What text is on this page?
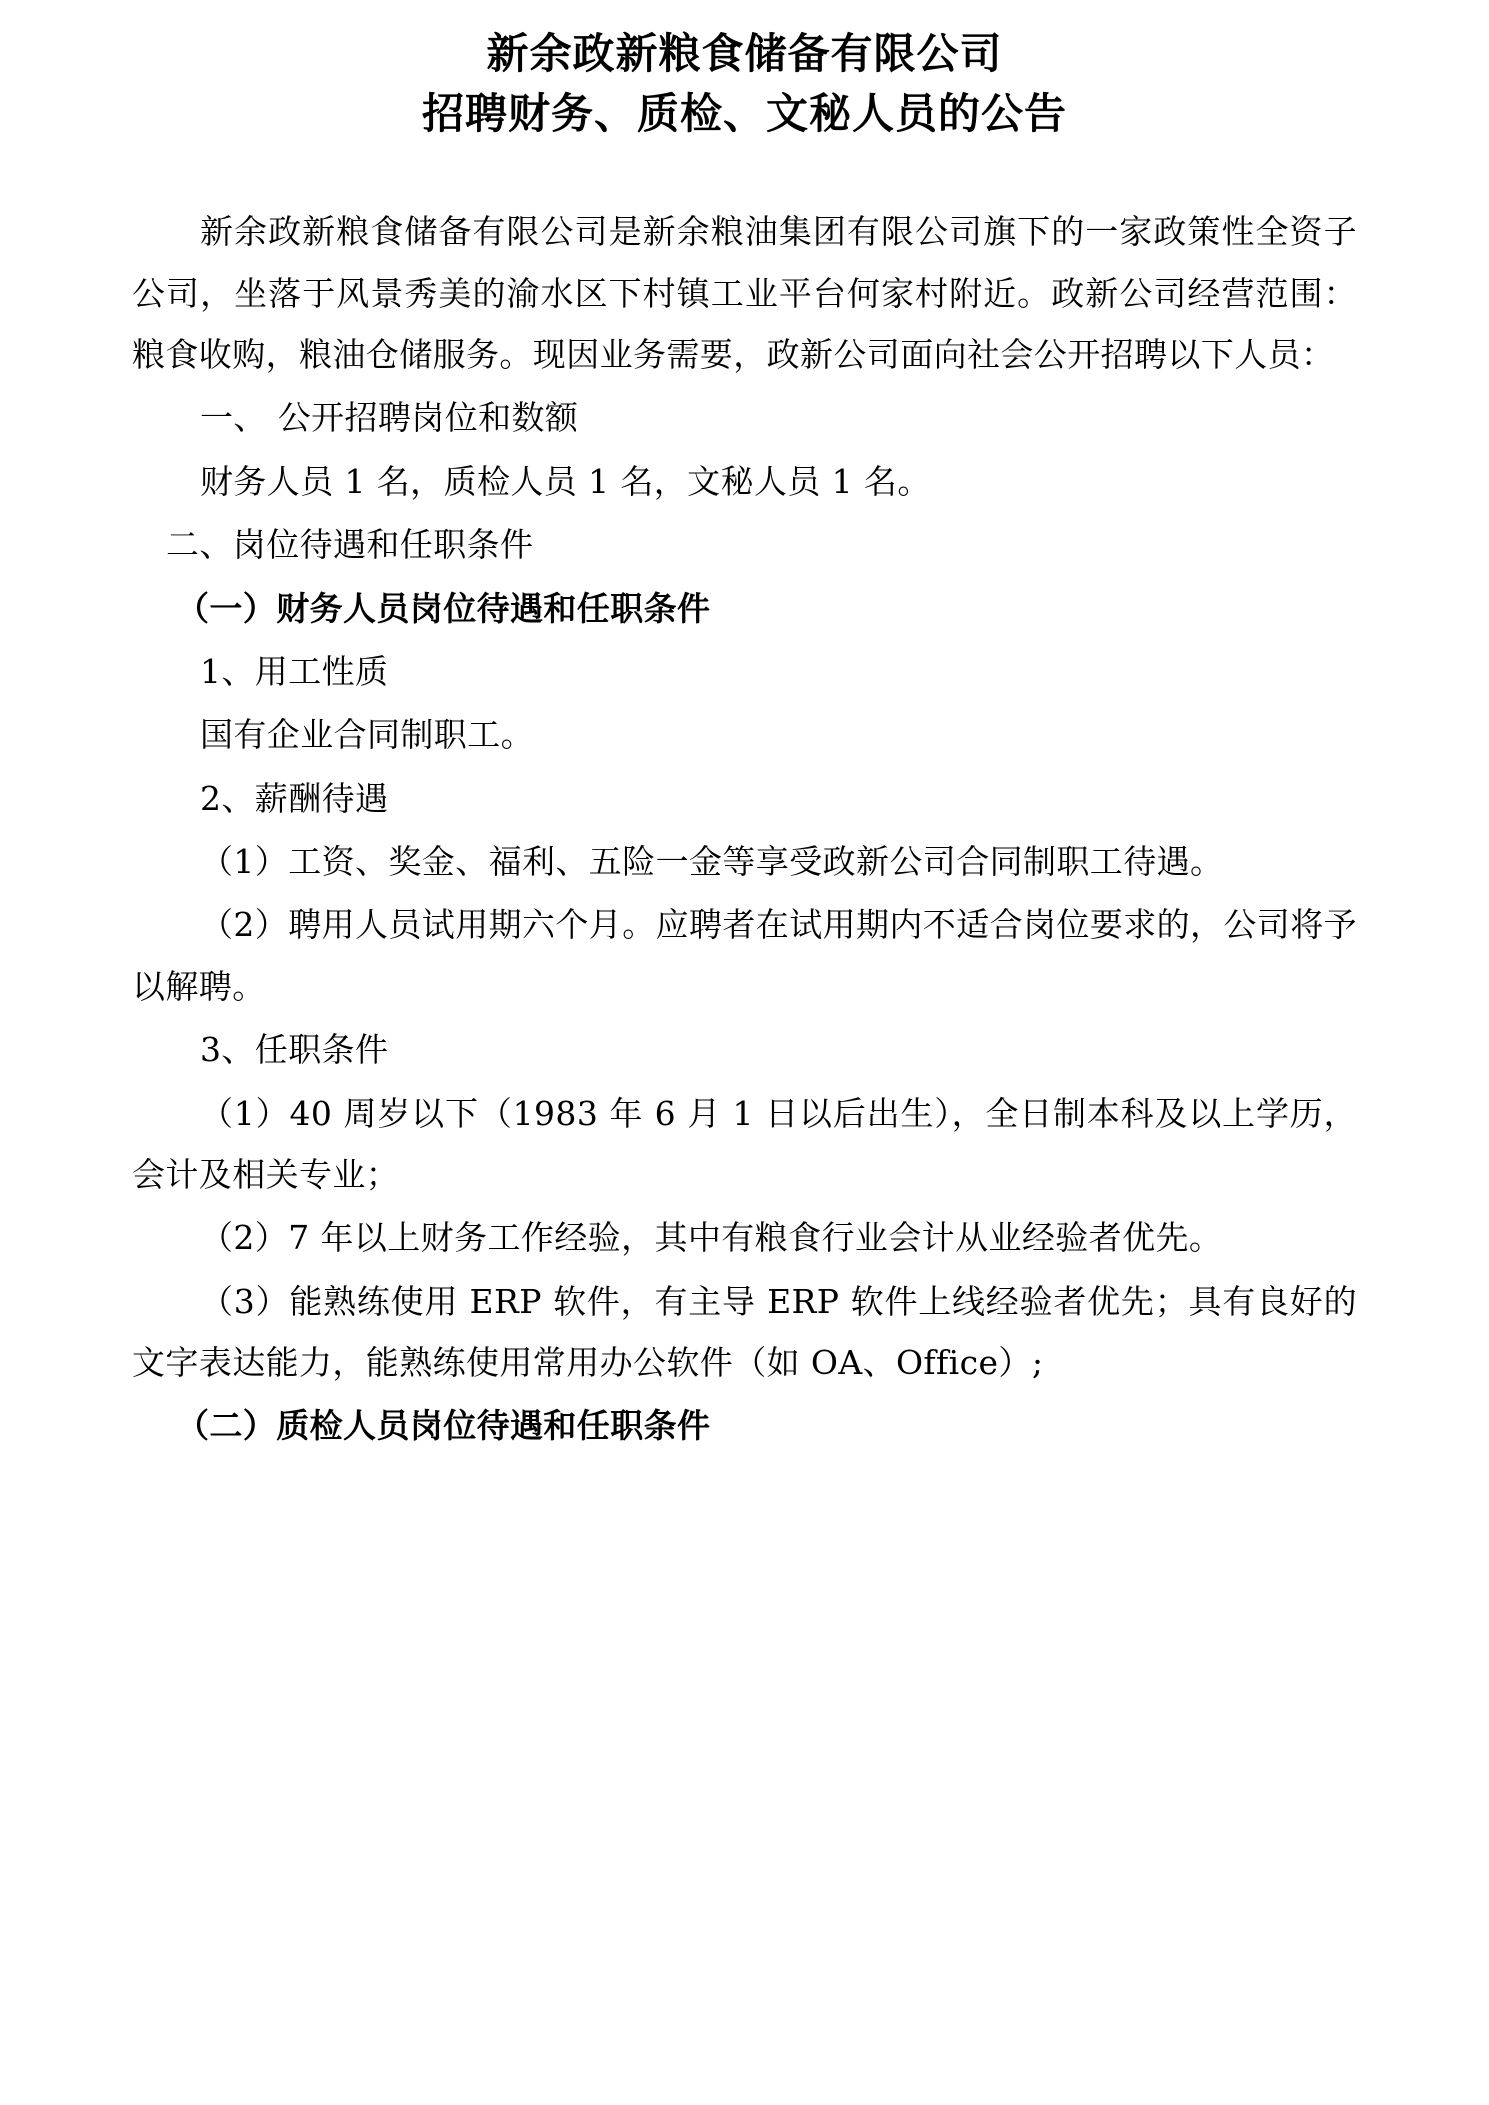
新余政新粮食储备有限公司
招聘财务、质检、文秘人员的公告

新余政新粮食储备有限公司是新余粮油集团有限公司旗下的一家政策性全资子公司，坐落于风景秀美的渝水区下村镇工业平台何家村附近。政新公司经营范围：粮食收购，粮油仓储服务。现因业务需要，政新公司面向社会公开招聘以下人员：

一、 公开招聘岗位和数额

财务人员 1 名，质检人员 1 名，文秘人员 1 名。

二、岗位待遇和任职条件

（一）财务人员岗位待遇和任职条件

1、用工性质

国有企业合同制职工。

2、薪酬待遇

（1）工资、奖金、福利、五险一金等享受政新公司合同制职工待遇。

（2）聘用人员试用期六个月。应聘者在试用期内不适合岗位要求的，公司将予以解聘。

3、任职条件

（1）40 周岁以下（1983 年 6 月 1 日以后出生），全日制本科及以上学历，会计及相关专业；

（2）7 年以上财务工作经验，其中有粮食行业会计从业经验者优先。

（3）能熟练使用 ERP 软件，有主导 ERP 软件上线经验者优先；具有良好的文字表达能力，能熟练使用常用办公软件（如 OA、Office）;

（二）质检人员岗位待遇和任职条件
